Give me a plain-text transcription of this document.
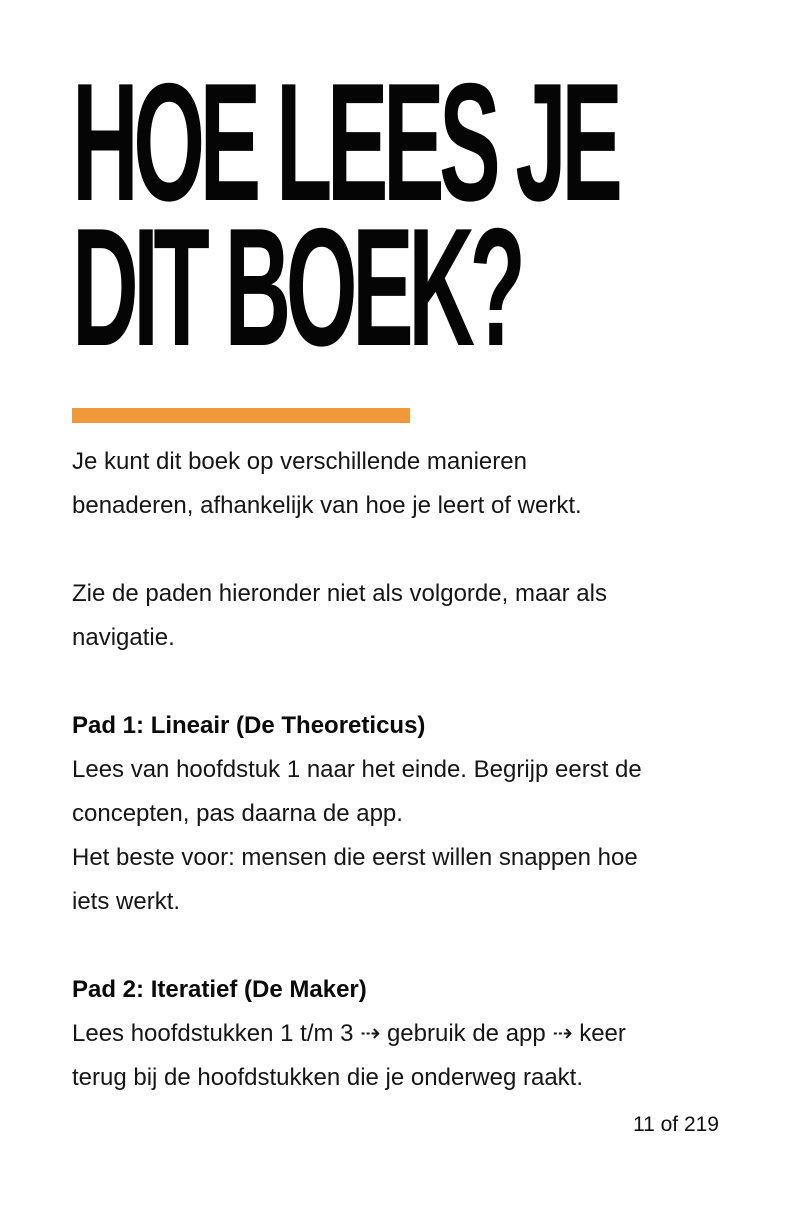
HOE LEES JE
DIT BOEK?

Je kunt dit boek op verschillende manieren

benaderen, afhankelijk van hoe je leert of werkt.

Zie de paden hieronder niet als volgorde, maar als

navigatie.

Pad 1: Lineair (De Theoreticus)

Lees van hoofdstuk 1 naar het einde. Begrijp eerst de

concepten, pas daarna de app.

Het beste voor: mensen die eerst willen snappen hoe

iets werkt.

Pad 2: Iteratief (De Maker)

Lees hoofdstukken 1 t/m 3 ⇢ gebruik de app ⇢ keer

terug bij de hoofdstukken die je onderweg raakt.

11 of 219
